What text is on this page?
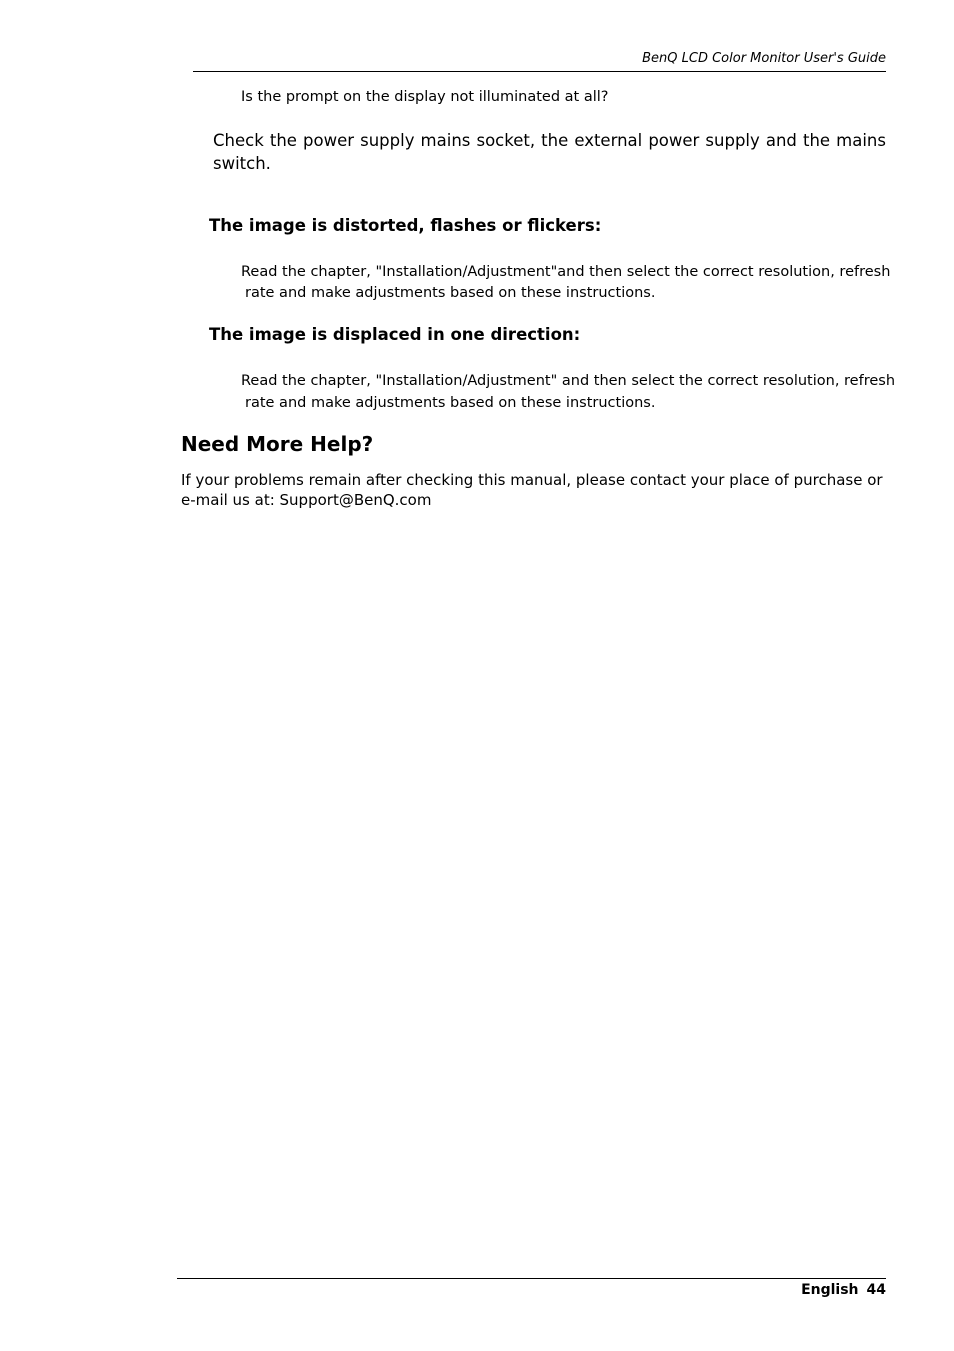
BenQ LCD Color Monitor User's Guide
Is the prompt on the display not illuminated at all?
Check the power supply mains socket, the external power supply and the mains switch.
The image is distorted, flashes or flickers:
Read the chapter, "Installation/Adjustment"and then select the correct resolution, refresh
rate and make adjustments based on these instructions.
The image is displaced in one direction:
Read the chapter, "Installation/Adjustment" and then select the correct resolution, refresh
rate and make adjustments based on these instructions.
Need More Help?
If your problems remain after checking this manual, please contact your place of purchase or e-mail us at: Support@BenQ.com
English 44
